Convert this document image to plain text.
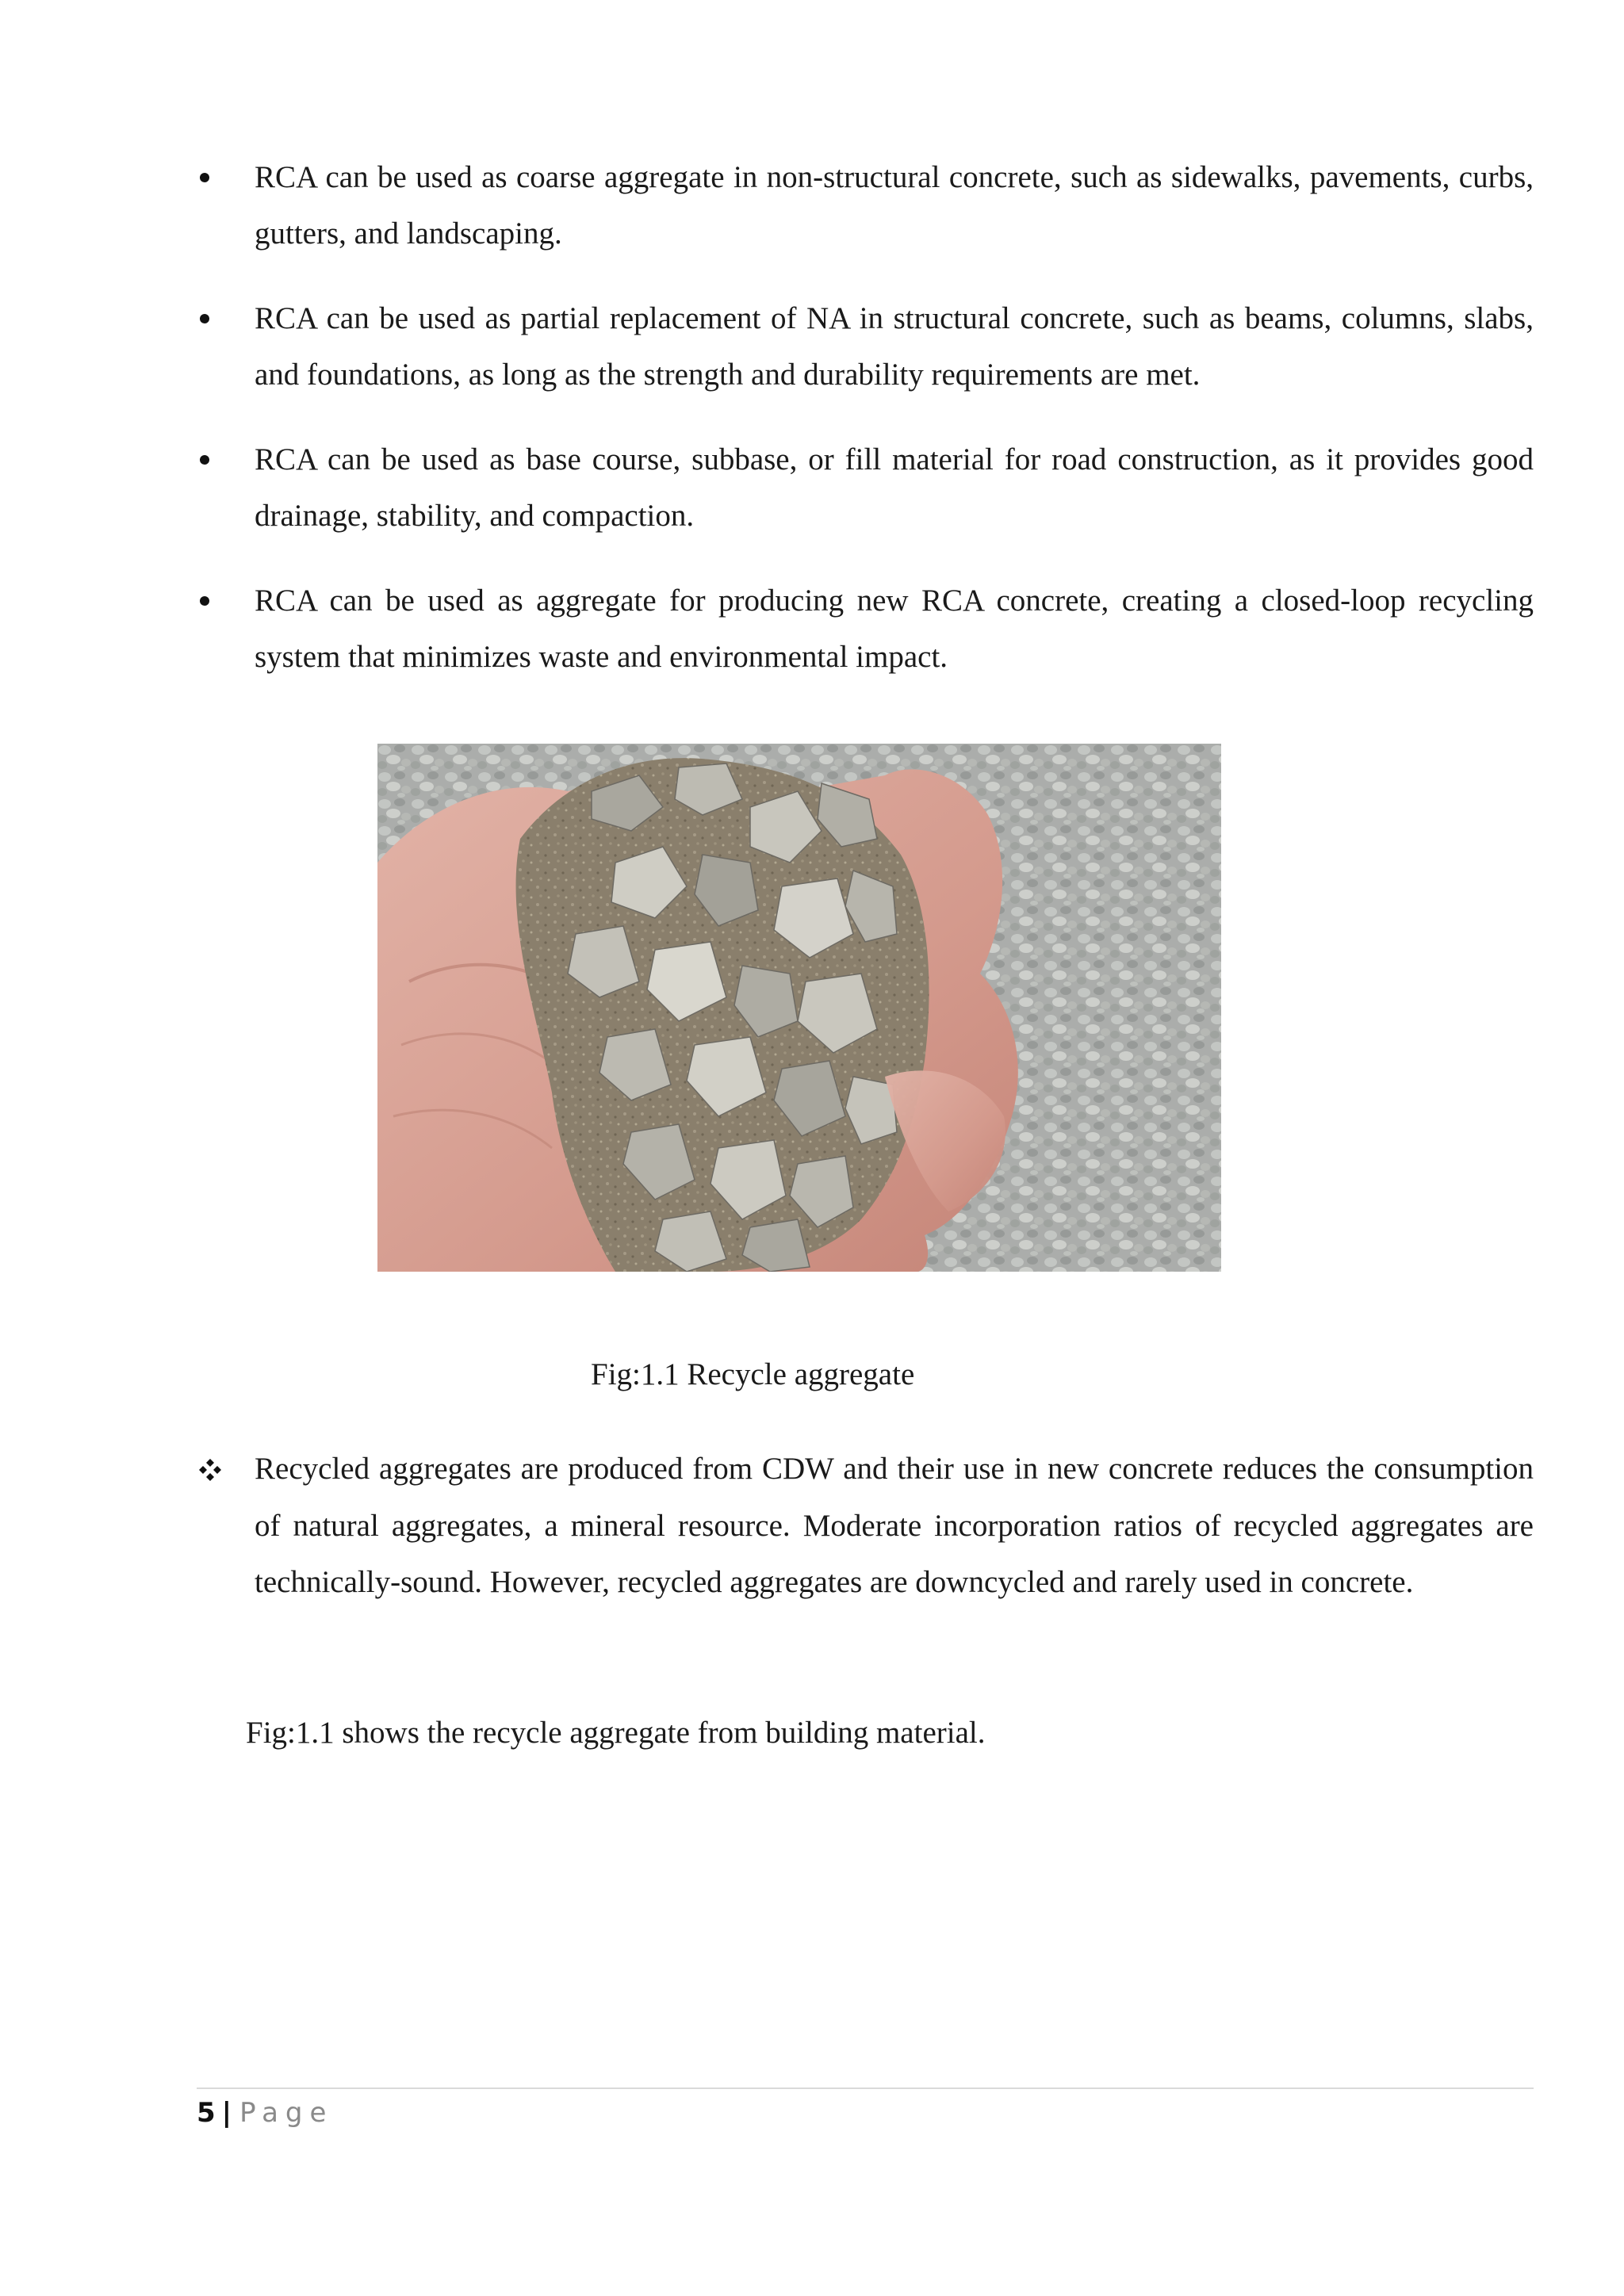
RCA can be used as coarse aggregate in non-structural concrete, such as sidewalks, pavements, curbs, gutters, and landscaping.
RCA can be used as partial replacement of NA in structural concrete, such as beams, columns, slabs, and foundations, as long as the strength and durability requirements are met.
RCA can be used as base course, subbase, or fill material for road construction, as it provides good drainage, stability, and compaction.
RCA can be used as aggregate for producing new RCA concrete, creating a closed-loop recycling system that minimizes waste and environmental impact.
Fig:1.1 Recycle aggregate
Recycled aggregates are produced from CDW and their use in new concrete reduces the consumption of natural aggregates, a mineral resource. Moderate incorporation ratios of recycled aggregates are technically-sound. However, recycled aggregates are downcycled and rarely used in concrete.
Fig:1.1 shows the recycle aggregate from building material.
5 | Page
